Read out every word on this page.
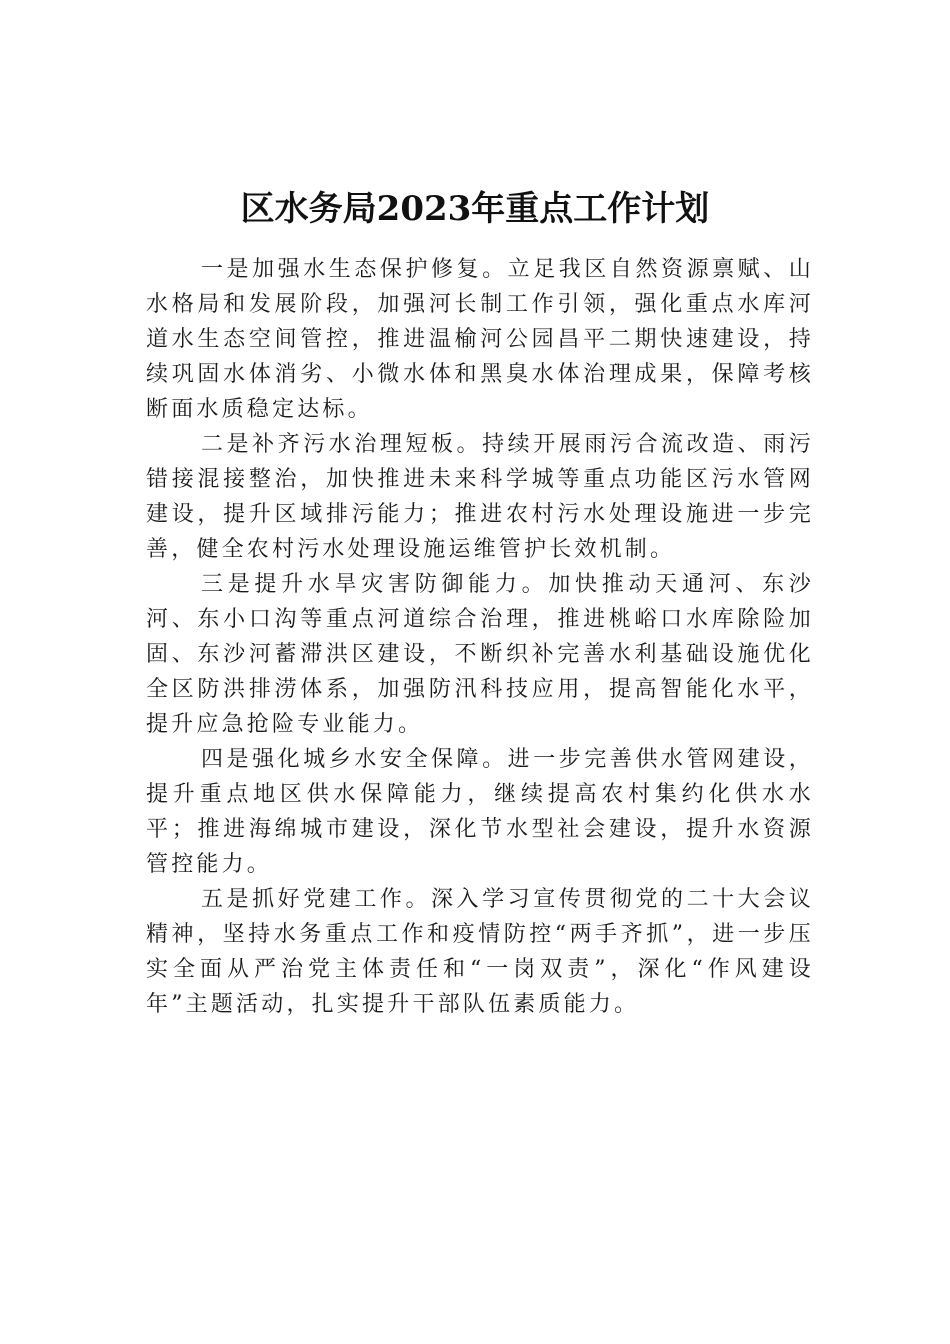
区水务局2023年重点工作计划

一是加强水生态保护修复。立足我区自然资源禀赋、山水格局和发展阶段，加强河长制工作引领，强化重点水库河道水生态空间管控，推进温榆河公园昌平二期快速建设，持续巩固水体消劣、小微水体和黑臭水体治理成果，保障考核断面水质稳定达标。

二是补齐污水治理短板。持续开展雨污合流改造、雨污错接混接整治，加快推进未来科学城等重点功能区污水管网建设，提升区域排污能力；推进农村污水处理设施进一步完善，健全农村污水处理设施运维管护长效机制。

三是提升水旱灾害防御能力。加快推动天通河、东沙河、东小口沟等重点河道综合治理，推进桃峪口水库除险加固、东沙河蓄滞洪区建设，不断织补完善水利基础设施优化全区防洪排涝体系，加强防汛科技应用，提高智能化水平，提升应急抢险专业能力。

四是强化城乡水安全保障。进一步完善供水管网建设，提升重点地区供水保障能力，继续提高农村集约化供水水平；推进海绵城市建设，深化节水型社会建设，提升水资源管控能力。

五是抓好党建工作。深入学习宣传贯彻党的二十大会议精神，坚持水务重点工作和疫情防控“两手齐抓”，进一步压实全面从严治党主体责任和“一岗双责”，深化“作风建设年”主题活动，扎实提升干部队伍素质能力。
